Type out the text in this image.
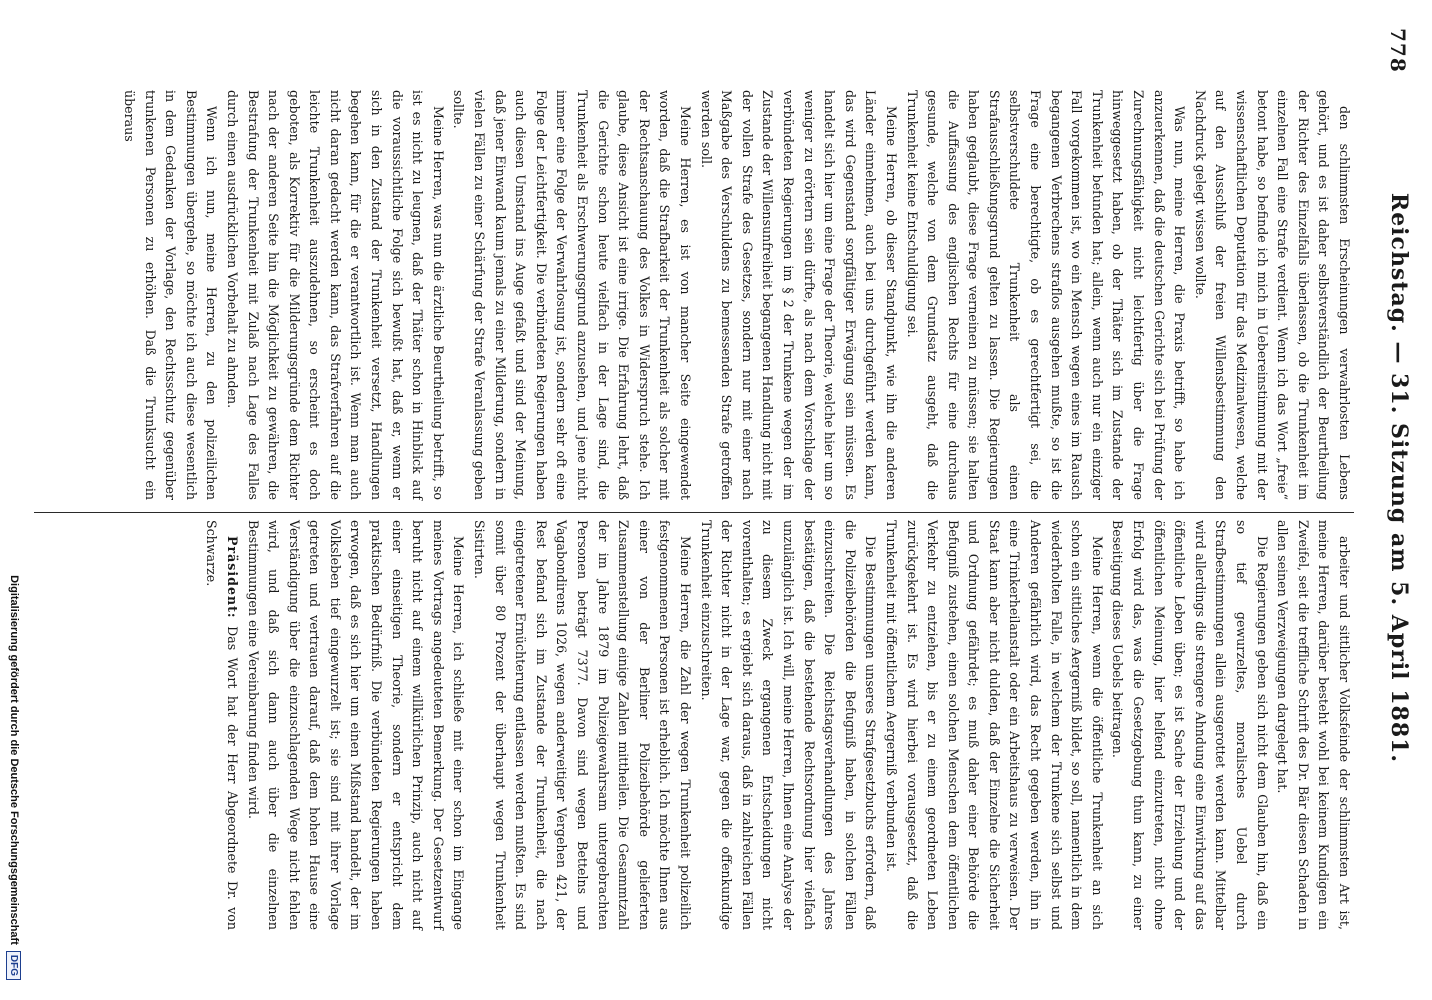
778
Reichstag. — 31. Sitzung am 5. April 1881.

den schlimmsten Erscheinungen verwahrlosten Lebens gehört, und es ist daher selbstverständlich der Beurtheilung der Richter des Einzelfalls überlassen, ob die Trunkenheit im einzelnen Fall eine Strafe verdient. Wenn ich das Wort „freie“ betont habe, so befinde ich mich in Uebereinstimmung mit der wissenschaftlichen Deputation für das Medizinalwesen, welche auf den Ausschluß der freien Willensbestimmung den Nachdruck gelegt wissen wollte.

Was nun, meine Herren, die Praxis betrifft, so habe ich anzuerkennen, daß die deutschen Gerichte sich bei Prüfung der Zurechnungsfähigkeit nicht leichtfertig über die Frage hinweggesetzt haben, ob der Thäter sich im Zustande der Trunkenheit befunden hat; allein, wenn auch nur ein einziger Fall vorgekommen ist, wo ein Mensch wegen eines im Rausch begangenen Verbrechens straflos ausgehen mußte, so ist die Frage eine berechtigte, ob es gerechtfertigt sei, die selbstverschuldete Trunkenheit als einen Strafausschließungsgrund gelten zu lassen. Die Regierungen haben geglaubt, diese Frage verneinen zu müssen; sie halten die Auffassung des englischen Rechts für eine durchaus gesunde, welche von dem Grundsatz ausgeht, daß die Trunkenheit keine Entschuldigung sei.

Meine Herren, ob dieser Standpunkt, wie ihn die anderen Länder einnehmen, auch bei uns durchgeführt werden kann, das wird Gegenstand sorgfältiger Erwägung sein müssen. Es handelt sich hier um eine Frage der Theorie, welche hier um so weniger zu erörtern sein dürfte, als nach dem Vorschlage der verbündeten Regierungen im § 2 der Trunkene wegen der im Zustande der Willensunfreiheit begangenen Handlung nicht mit der vollen Strafe des Gesetzes, sondern nur mit einer nach Maßgabe des Verschuldens zu bemessenden Strafe getroffen werden soll.

Meine Herren, es ist von mancher Seite eingewendet worden, daß die Strafbarkeit der Trunkenheit als solcher mit der Rechtsanschauung des Volkes in Widerspruch stehe. Ich glaube, diese Ansicht ist eine irrige. Die Erfahrung lehrt, daß die Gerichte schon heute vielfach in der Lage sind, die Trunkenheit als Erschwerungsgrund anzusehen, und jene nicht immer eine Folge der Verwahrlosung ist, sondern sehr oft eine Folge der Leichtfertigkeit. Die verbündeten Regierungen haben auch diesen Umstand ins Auge gefaßt und sind der Meinung, daß jener Einwand kaum jemals zu einer Milderung, sondern in vielen Fällen zu einer Schärfung der Strafe Veranlassung geben sollte.

Meine Herren, was nun die ärztliche Beurtheilung betrifft, so ist es nicht zu leugnen, daß der Thäter schon in Hinblick auf die voraussichtliche Folge sich bewußt hat, daß er, wenn er sich in den Zustand der Trunkenheit versetzt, Handlungen begehen kann, für die er verantwortlich ist. Wenn man auch nicht daran gedacht werden kann, das Strafverfahren auf die leichte Trunkenheit auszudehnen, so erscheint es doch geboten, als Korrektiv für die Milderungsgründe dem Richter nach der anderen Seite hin die Möglichkeit zu gewähren, die Bestrafung der Trunkenheit mit Zulaß nach Lage des Falles durch einen ausdrücklichen Vorbehalt zu ahnden.

Wenn ich nun, meine Herren, zu den polizeilichen Bestimmungen übergehe, so möchte ich auch diese wesentlich in dem Gedanken der Vorlage, den Rechtsschutz gegenüber trunkenen Personen zu erhöhen. Daß die Trunksucht ein überaus

arbeiter und sittlicher Volksfeinde der schlimmsten Art ist, meine Herren, darüber besteht wohl bei keinem Kundigen ein Zweifel, seit die treffliche Schrift des Dr. Bär diesen Schaden in allen seinen Verzweigungen dargelegt hat.

Die Regierungen geben sich nicht dem Glauben hin, daß ein so tief gewurzeltes, moralisches Uebel durch Strafbestimmungen allein ausgerottet werden kann. Mittelbar wird allerdings die strengere Ahndung eine Einwirkung auf das öffentliche Leben üben; es ist Sache der Erziehung und der öffentlichen Meinung, hier helfend einzutreten, nicht ohne Erfolg wird das, was die Gesetzgebung thun kann, zu einer Beseitigung dieses Uebels beitragen.

Meine Herren, wenn die öffentliche Trunkenheit an sich schon ein sittliches Aergerniß bildet, so soll, namentlich in dem wiederholten Falle, in welchem der Trunkene sich selbst und Anderen gefährlich wird, das Recht gegeben werden, ihn in eine Trinkerheilanstalt oder ein Arbeitshaus zu verweisen. Der Staat kann aber nicht dulden, daß der Einzelne die Sicherheit und Ordnung gefährdet; es muß daher einer Behörde die Befugniß zustehen, einen solchen Menschen dem öffentlichen Verkehr zu entziehen, bis er zu einem geordneten Leben zurückgekehrt ist. Es wird hierbei vorausgesetzt, daß die Trunkenheit mit öffentlichem Aergerniß verbunden ist.

Die Bestimmungen unseres Strafgesetzbuchs erfordern, daß die Polizeibehörden die Befugniß haben, in solchen Fällen einzuschreiten. Die Reichstagsverhandlungen des Jahres bestätigen, daß die bestehende Rechtsordnung hier vielfach unzulänglich ist. Ich will, meine Herren, Ihnen eine Analyse der zu diesem Zweck ergangenen Entscheidungen nicht vorenthalten; es ergiebt sich daraus, daß in zahlreichen Fällen der Richter nicht in der Lage war, gegen die offenkundige Trunkenheit einzuschreiten.

Meine Herren, die Zahl der wegen Trunkenheit polizeilich festgenommenen Personen ist erheblich. Ich möchte Ihnen aus einer von der Berliner Polizeibehörde gelieferten Zusammenstellung einige Zahlen mittheilen. Die Gesammtzahl der im Jahre 1879 im Polizeigewahrsam untergebrachten Personen beträgt 7377. Davon sind wegen Bettelns und Vagabondirens 1026, wegen anderweitiger Vergehen 421, der Rest befand sich im Zustande der Trunkenheit, die nach eingetretener Ernüchterung entlassen werden mußten. Es sind somit über 80 Prozent der überhaupt wegen Trunkenheit Sistirten.

Meine Herren, ich schließe mit einer schon im Eingange meines Vortrags angedeuteten Bemerkung. Der Gesetzentwurf beruht nicht auf einem willkürlichen Prinzip, auch nicht auf einer einseitigen Theorie, sondern er entspricht dem praktischen Bedürfniß. Die verbündeten Regierungen haben erwogen, daß es sich hier um einen Mißstand handelt, der im Volksleben tief eingewurzelt ist; sie sind mit ihrer Vorlage getreten und vertrauen darauf, daß dem hohen Hause eine Verständigung über die einzuschlagenden Wege nicht fehlen wird, und daß sich dann auch über die einzelnen Bestimmungen eine Vereinbarung finden wird.

Präsident: Das Wort hat der Herr Abgeordnete Dr. von Schwarze.

Digitalisierung gefördert durch die Deutsche Forschungsgemeinschaft
DFG
